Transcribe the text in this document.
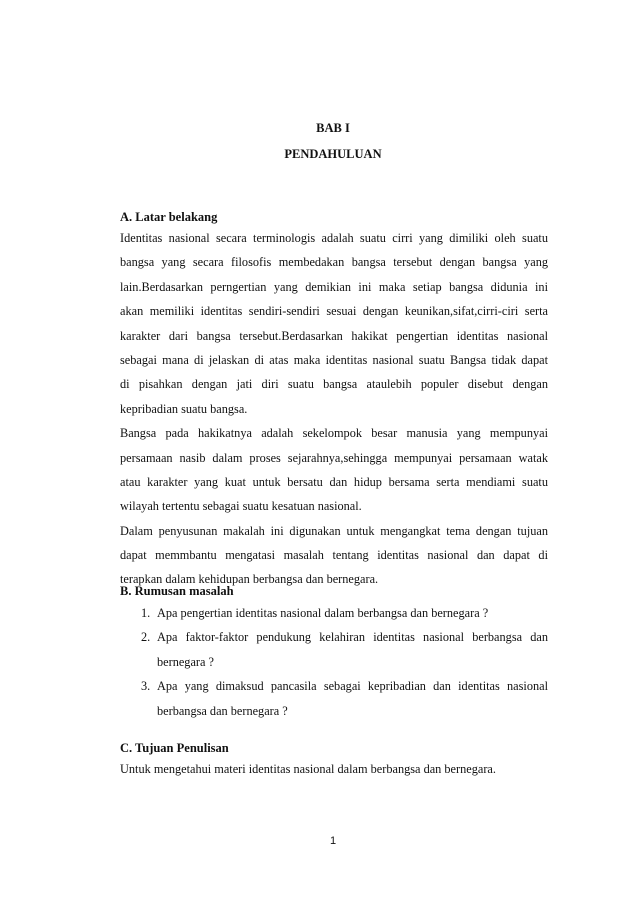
BAB I
PENDAHULUAN
A. Latar belakang
Identitas nasional secara terminologis adalah suatu cirri yang dimiliki oleh suatu
bangsa yang secara filosofis membedakan bangsa tersebut dengan bangsa yang
lain.Berdasarkan perngertian yang demikian ini maka setiap bangsa didunia ini
akan memiliki identitas sendiri-sendiri sesuai dengan keunikan,sifat,cirri-ciri serta
karakter dari bangsa tersebut.Berdasarkan hakikat pengertian identitas nasional
sebagai mana di jelaskan di atas maka identitas nasional suatu Bangsa tidak dapat
di pisahkan dengan jati diri suatu bangsa ataulebih populer disebut dengan
kepribadian suatu bangsa.
Bangsa pada hakikatnya adalah sekelompok besar manusia yang mempunyai
persamaan nasib dalam proses sejarahnya,sehingga mempunyai persamaan watak
atau karakter yang kuat untuk bersatu dan hidup bersama serta mendiami suatu
wilayah tertentu sebagai suatu kesatuan nasional.
Dalam penyusunan makalah ini digunakan untuk mengangkat tema dengan tujuan
dapat memmbantu mengatasi masalah tentang identitas nasional dan dapat di
terapkan dalam kehidupan berbangsa dan bernegara.
B. Rumusan masalah
1. Apa pengertian identitas nasional dalam berbangsa dan bernegara ?
2. Apa faktor-faktor pendukung kelahiran identitas nasional berbangsa dan
bernegara ?
3. Apa yang dimaksud pancasila sebagai kepribadian dan identitas nasional
berbangsa dan bernegara ?
C. Tujuan Penulisan
Untuk mengetahui materi identitas nasional dalam berbangsa dan bernegara.
1
